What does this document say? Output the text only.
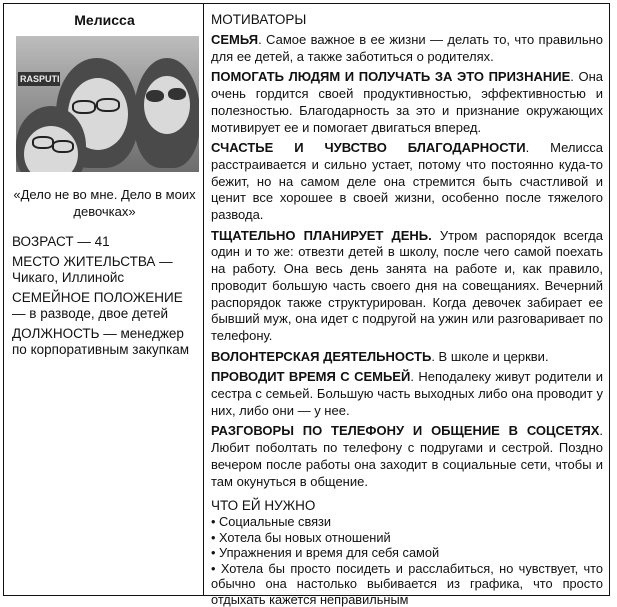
Мелисса
RASPUTI
«Дело не во мне. Дело в моих девочках»
ВОЗРАСТ — 41
МЕСТО ЖИТЕЛЬСТВА — Чикаго, Иллинойс
СЕМЕЙНОЕ ПОЛОЖЕНИЕ — в разводе, двое детей
ДОЛЖНОСТЬ — менеджер по корпоративным закупкам
МОТИВАТОРЫ
СЕМЬЯ. Самое важное в ее жизни — делать то, что правильно для ее детей, а также заботиться о родителях.
ПОМОГАТЬ ЛЮДЯМ И ПОЛУЧАТЬ ЗА ЭТО ПРИЗНАНИЕ. Она очень гордится своей продуктивностью, эффективностью и полезностью. Благодарность за это и признание окружающих мотивирует ее и помогает двигаться вперед.
СЧАСТЬЕ И ЧУВСТВО БЛАГОДАРНОСТИ. Мелисса расстраивается и сильно устает, потому что постоянно куда-то бежит, но на самом деле она стремится быть счастливой и ценит все хорошее в своей жизни, особенно после тяжелого развода.
ТЩАТЕЛЬНО ПЛАНИРУЕТ ДЕНЬ. Утром распорядок всегда один и то же: отвезти детей в школу, после чего самой поехать на работу. Она весь день занята на работе и, как правило, проводит большую часть своего дня на совещаниях. Вечерний распорядок также структурирован. Когда девочек забирает ее бывший муж, она идет с подругой на ужин или разговаривает по телефону.
ВОЛОНТЕРСКАЯ ДЕЯТЕЛЬНОСТЬ. В школе и церкви.
ПРОВОДИТ ВРЕМЯ С СЕМЬЕЙ. Неподалеку живут родители и сестра с семьей. Большую часть выходных либо она проводит у них, либо они — у нее.
РАЗГОВОРЫ ПО ТЕЛЕФОНУ И ОБЩЕНИЕ В СОЦСЕТЯХ. Любит поболтать по телефону с подругами и сестрой. Поздно вечером после работы она заходит в социальные сети, чтобы и там окунуться в общение.
ЧТО ЕЙ НУЖНО
• Социальные связи
• Хотела бы новых отношений
• Упражнения и время для себя самой
• Хотела бы просто посидеть и расслабиться, но чувствует, что обычно она настолько выбивается из графика, что просто отдыхать кажется неправильным
